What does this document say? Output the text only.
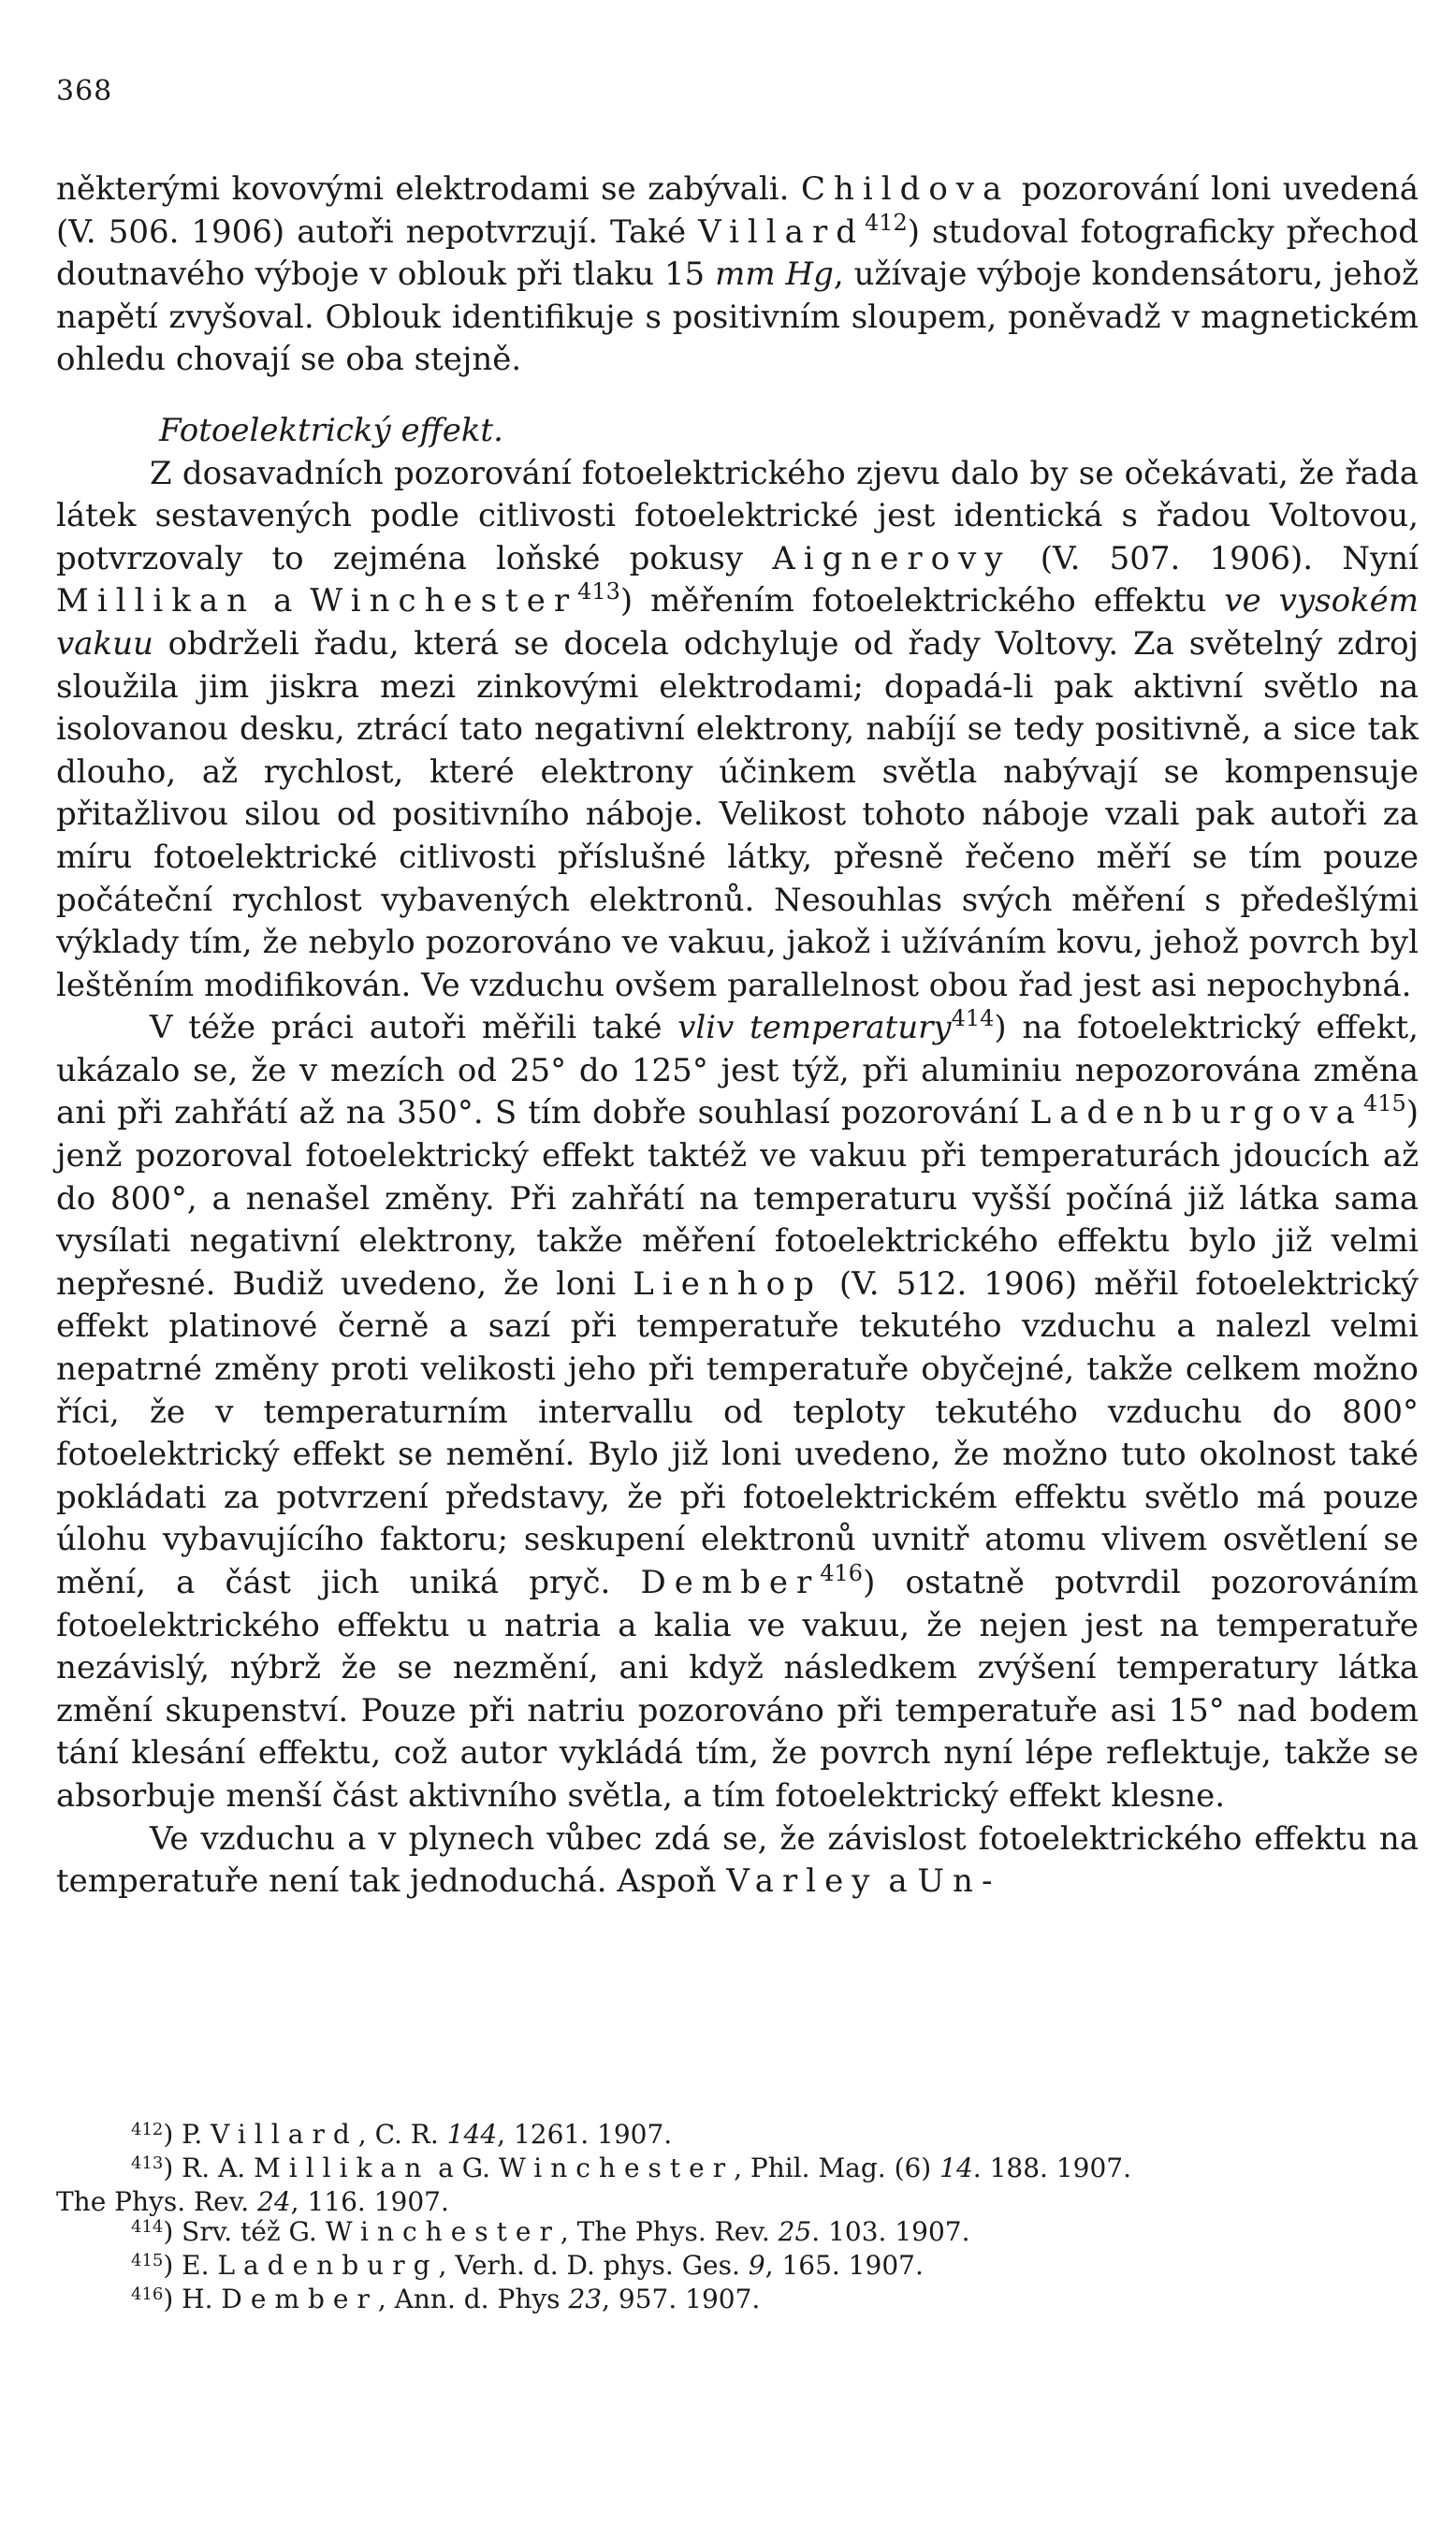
368

některými kovovými elektrodami se zabývali. Childova pozorování loni uvedená (V. 506. 1906) autoři nepotvrzují. Také Villard$^{412}$) studoval fotograficky přechod doutnavého výboje v oblouk při tlaku 15 mm Hg, užívaje výboje kondensátoru, jehož napětí zvyšoval. Oblouk identifikuje s positivním sloupem, poněvadž v magnetickém ohledu chovají se oba stejně.

Fotoelektrický effekt.

Z dosavadních pozorování fotoelektrického zjevu dalo by se očekávati, že řada látek sestavených podle citlivosti fotoelektrické jest identická s řadou Voltovou, potvrzovaly to zejména loňské pokusy Aignerovy (V. 507. 1906). Nyní Millikan a Winchester$^{413}$) měřením fotoelektrického effektu ve vysokém vakuu obdrželi řadu, která se docela odchyluje od řady Voltovy. Za světelný zdroj sloužila jim jiskra mezi zinkovými elektrodami; dopadá-li pak aktivní světlo na isolovanou desku, ztrácí tato negativní elektrony, nabíjí se tedy positivně, a sice tak dlouho, až rychlost, které elektrony účinkem světla nabývají se kompensuje přitažlivou silou od positivního náboje. Velikost tohoto náboje vzali pak autoři za míru fotoelektrické citlivosti příslušné látky, přesně řečeno měří se tím pouze počáteční rychlost vybavených elektronů. Nesouhlas svých měření s předešlými výklady tím, že nebylo pozorováno ve vakuu, jakož i užíváním kovu, jehož povrch byl leštěním modifikován. Ve vzduchu ovšem parallelnost obou řad jest asi nepochybná.

V téže práci autoři měřili také vliv temperatury$^{414}$) na fotoelektrický effekt, ukázalo se, že v mezích od 25° do 125° jest týž, při aluminiu nepozorována změna ani při zahřátí až na 350°. S tím dobře souhlasí pozorování Ladenburgova$^{415}$) jenž pozoroval fotoelektrický effekt taktéž ve vakuu při temperaturách jdoucích až do 800°, a nenašel změny. Při zahřátí na temperaturu vyšší počíná již látka sama vysílati negativní elektrony, takže měření fotoelektrického effektu bylo již velmi nepřesné. Budiž uvedeno, že loni Lienhop (V. 512. 1906) měřil fotoelektrický effekt platinové černě a sazí při temperatuře tekutého vzduchu a nalezl velmi nepatrné změny proti velikosti jeho při temperatuře obyčejné, takže celkem možno říci, že v temperaturním intervallu od teploty tekutého vzduchu do 800° fotoelektrický effekt se nemění. Bylo již loni uvedeno, že možno tuto okolnost také pokládati za potvrzení představy, že při fotoelektrickém effektu světlo má pouze úlohu vybavujícího faktoru; seskupení elektronů uvnitř atomu vlivem osvětlení se mění, a část jich uniká pryč. Dember$^{416}$) ostatně potvrdil pozorováním fotoelektrického effektu u natria a kalia ve vakuu, že nejen jest na temperatuře nezávislý, nýbrž že se nezmění, ani když následkem zvýšení temperatury látka změní skupenství. Pouze při natriu pozorováno při temperatuře asi 15° nad bodem tání klesání effektu, což autor vykládá tím, že povrch nyní lépe reflektuje, takže se absorbuje menší část aktivního světla, a tím fotoelektrický effekt klesne.

Ve vzduchu a v plynech vůbec zdá se, že závislost fotoelektrického effektu na temperatuře není tak jednoduchá. Aspoň Varley a Un-

$^{412}$) P. Villard, C. R. 144, 1261. 1907.

$^{413}$) R. A. Millikan a G. Winchester, Phil. Mag. (6) 14. 188. 1907.

The Phys. Rev. 24, 116. 1907.

$^{414}$) Srv. též G. Winchester, The Phys. Rev. 25. 103. 1907.

$^{415}$) E. Ladenburg, Verh. d. D. phys. Ges. 9, 165. 1907.

$^{416}$) H. Dember, Ann. d. Phys 23, 957. 1907.
